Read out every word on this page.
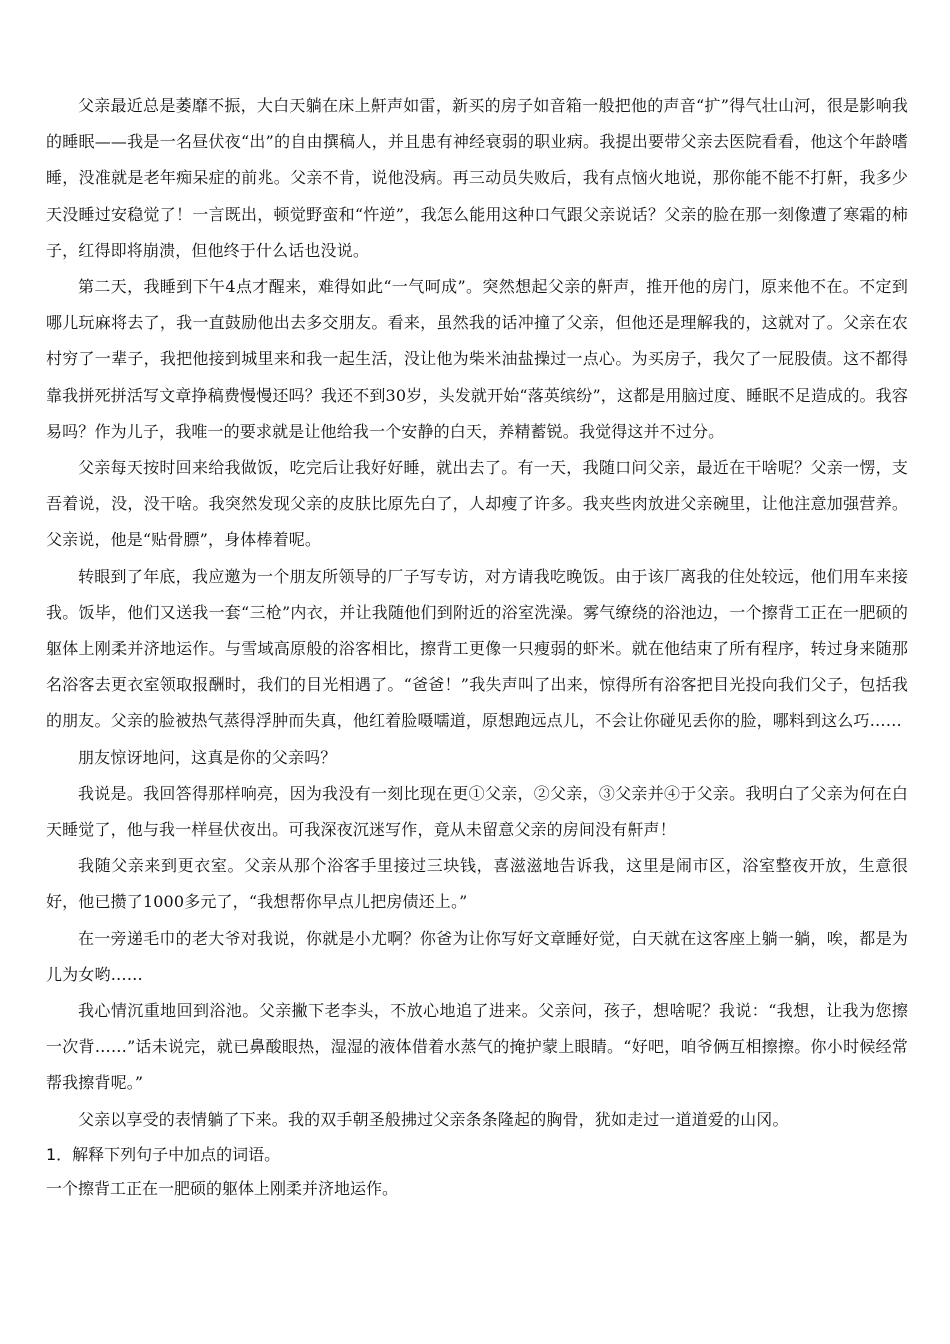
父亲最近总是萎靡不振，大白天躺在床上鼾声如雷，新买的房子如音箱一般把他的声音“扩”得气壮山河，很是影响我的睡眠——我是一名昼伏夜“出”的自由撰稿人，并且患有神经衰弱的职业病。我提出要带父亲去医院看看，他这个年龄嗜睡，没准就是老年痴呆症的前兆。父亲不肯，说他没病。再三动员失败后，我有点恼火地说，那你能不能不打鼾，我多少天没睡过安稳觉了！一言既出，顿觉野蛮和“忤逆”，我怎么能用这种口气跟父亲说话？父亲的脸在那一刻像遭了寒霜的柿子，红得即将崩溃，但他终于什么话也没说。

第二天，我睡到下午4点才醒来，难得如此“一气呵成”。突然想起父亲的鼾声，推开他的房门，原来他不在。不定到哪儿玩麻将去了，我一直鼓励他出去多交朋友。看来，虽然我的话冲撞了父亲，但他还是理解我的，这就对了。父亲在农村穷了一辈子，我把他接到城里来和我一起生活，没让他为柴米油盐操过一点心。为买房子，我欠了一屁股债。这不都得靠我拼死拼活写文章挣稿费慢慢还吗？我还不到30岁，头发就开始“落英缤纷”，这都是用脑过度、睡眠不足造成的。我容易吗？作为儿子，我唯一的要求就是让他给我一个安静的白天，养精蓄锐。我觉得这并不过分。

父亲每天按时回来给我做饭，吃完后让我好好睡，就出去了。有一天，我随口问父亲，最近在干啥呢？父亲一愣，支吾着说，没，没干啥。我突然发现父亲的皮肤比原先白了，人却瘦了许多。我夹些肉放进父亲碗里，让他注意加强营养。父亲说，他是“贴骨膘”，身体棒着呢。

转眼到了年底，我应邀为一个朋友所领导的厂子写专访，对方请我吃晚饭。由于该厂离我的住处较远，他们用车来接我。饭毕，他们又送我一套“三枪”内衣，并让我随他们到附近的浴室洗澡。雾气缭绕的浴池边，一个擦背工正在一肥硕的躯体上刚柔并济地运作。与雪域高原般的浴客相比，擦背工更像一只瘦弱的虾米。就在他结束了所有程序，转过身来随那名浴客去更衣室领取报酬时，我们的目光相遇了。“爸爸！”我失声叫了出来，惊得所有浴客把目光投向我们父子，包括我的朋友。父亲的脸被热气蒸得浮肿而失真，他红着脸嗫嚅道，原想跑远点儿，不会让你碰见丢你的脸，哪料到这么巧……

朋友惊讶地问，这真是你的父亲吗？

我说是。我回答得那样响亮，因为我没有一刻比现在更①父亲，②父亲，③父亲并④于父亲。我明白了父亲为何在白天睡觉了，他与我一样昼伏夜出。可我深夜沉迷写作，竟从未留意父亲的房间没有鼾声！

我随父亲来到更衣室。父亲从那个浴客手里接过三块钱，喜滋滋地告诉我，这里是闹市区，浴室整夜开放，生意很好，他已攒了1000多元了，“我想帮你早点儿把房债还上。”

在一旁递毛巾的老大爷对我说，你就是小尤啊？你爸为让你写好文章睡好觉，白天就在这客座上躺一躺，唉，都是为儿为女哟……

我心情沉重地回到浴池。父亲撇下老李头，不放心地追了进来。父亲问，孩子，想啥呢？我说：“我想，让我为您擦一次背……”话未说完，就已鼻酸眼热，湿湿的液体借着水蒸气的掩护蒙上眼睛。“好吧，咱爷俩互相擦擦。你小时候经常帮我擦背呢。”

父亲以享受的表情躺了下来。我的双手朝圣般拂过父亲条条隆起的胸骨，犹如走过一道道爱的山冈。

1．解释下列句子中加点的词语。

一个擦背工正在一肥硕的躯体上刚柔并济地运作。
